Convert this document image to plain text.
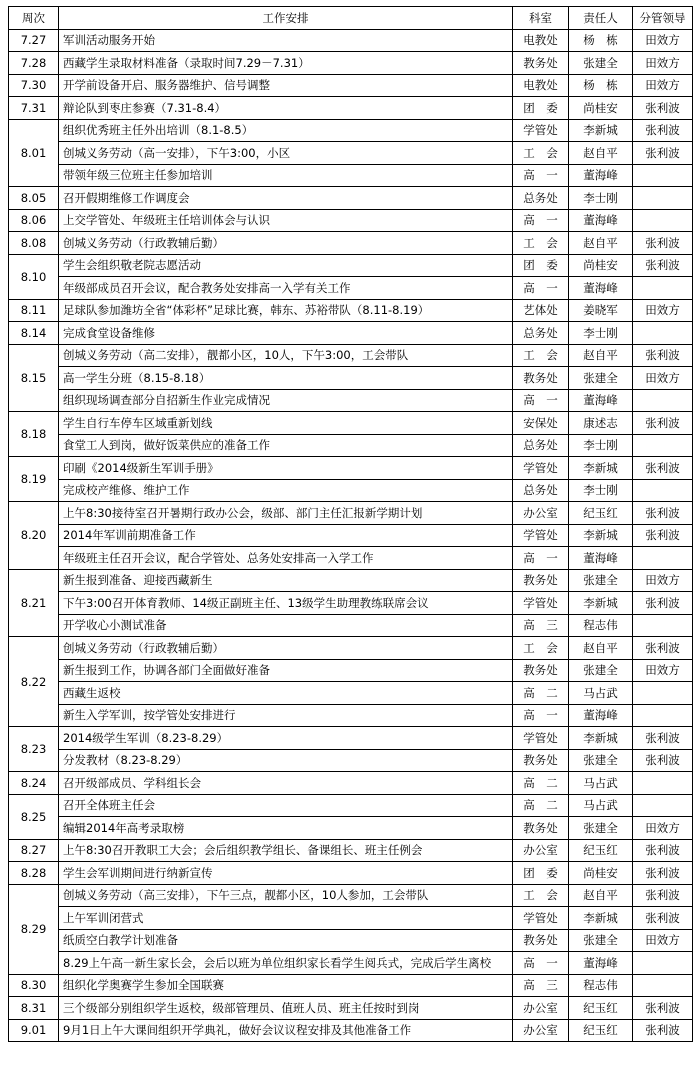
周次	工作安排	科室	责任人	分管领导
7.27	军训活动服务开始	电教处	杨　栋	田效方
7.28	西藏学生录取材料准备（录取时间7.29－7.31）	教务处	张建全	田效方
7.30	开学前设备开启、服务器维护、信号调整	电教处	杨　栋	田效方
7.31	辩论队到枣庄参赛（7.31-8.4）	团　委	尚桂安	张利波
8.01	组织优秀班主任外出培训（8.1-8.5）	学管处	李新城	张利波
	创城义务劳动（高一安排），下午3:00，小区	工　会	赵自平	张利波
	带领年级三位班主任参加培训	高　一	董海峰	
8.05	召开假期维修工作调度会	总务处	李士刚	
8.06	上交学管处、年级班主任培训体会与认识	高　一	董海峰	
8.08	创城义务劳动（行政教辅后勤）	工　会	赵自平	张利波
8.10	学生会组织敬老院志愿活动	团　委	尚桂安	张利波
	年级部成员召开会议，配合教务处安排高一入学有关工作	高　一	董海峰	
8.11	足球队参加潍坊全省“体彩杯”足球比赛，韩东、苏裕带队（8.11-8.19）	艺体处	姜晓军	田效方
8.14	完成食堂设备维修	总务处	李士刚	
8.15	创城义务劳动（高二安排），靓都小区，10人，下午3:00，工会带队	工　会	赵自平	张利波
	高一学生分班（8.15-8.18）	教务处	张建全	田效方
	组织现场调查部分自招新生作业完成情况	高　一	董海峰	
8.18	学生自行车停车区域重新划线	安保处	康述志	张利波
	食堂工人到岗，做好饭菜供应的准备工作	总务处	李士刚	
8.19	印刷《2014级新生军训手册》	学管处	李新城	张利波
	完成校产维修、维护工作	总务处	李士刚	
8.20	上午8:30接待室召开暑期行政办公会，级部、部门主任汇报新学期计划	办公室	纪玉红	张利波
	2014年军训前期准备工作	学管处	李新城	张利波
	年级班主任召开会议，配合学管处、总务处安排高一入学工作	高　一	董海峰	
8.21	新生报到准备、迎接西藏新生	教务处	张建全	田效方
	下午3:00召开体育教师、14级正副班主任、13级学生助理教练联席会议	学管处	李新城	张利波
	开学收心小测试准备	高　三	程志伟	
8.22	创城义务劳动（行政教辅后勤）	工　会	赵自平	张利波
	新生报到工作，协调各部门全面做好准备	教务处	张建全	田效方
	西藏生返校	高　二	马占武	
	新生入学军训，按学管处安排进行	高　一	董海峰	
8.23	2014级学生军训（8.23-8.29）	学管处	李新城	张利波
	分发教材（8.23-8.29）	教务处	张建全	张利波
8.24	召开级部成员、学科组长会	高　二	马占武	
8.25	召开全体班主任会	高　二	马占武	
	编辑2014年高考录取榜	教务处	张建全	田效方
8.27	上午8:30召开教职工大会；会后组织教学组长、备课组长、班主任例会	办公室	纪玉红	张利波
8.28	学生会军训期间进行纳新宣传	团　委	尚桂安	张利波
8.29	创城义务劳动（高三安排），下午三点，靓都小区，10人参加，工会带队	工　会	赵自平	张利波
	上午军训闭营式	学管处	李新城	张利波
	纸质空白教学计划准备	教务处	张建全	田效方
	8.29上午高一新生家长会，会后以班为单位组织家长看学生阅兵式，完成后学生离校	高　一	董海峰	
8.30	组织化学奥赛学生参加全国联赛	高　三	程志伟	
8.31	三个级部分别组织学生返校，级部管理员、值班人员、班主任按时到岗	办公室	纪玉红	张利波
9.01	9月1日上午大课间组织开学典礼，做好会议议程安排及其他准备工作	办公室	纪玉红	张利波
